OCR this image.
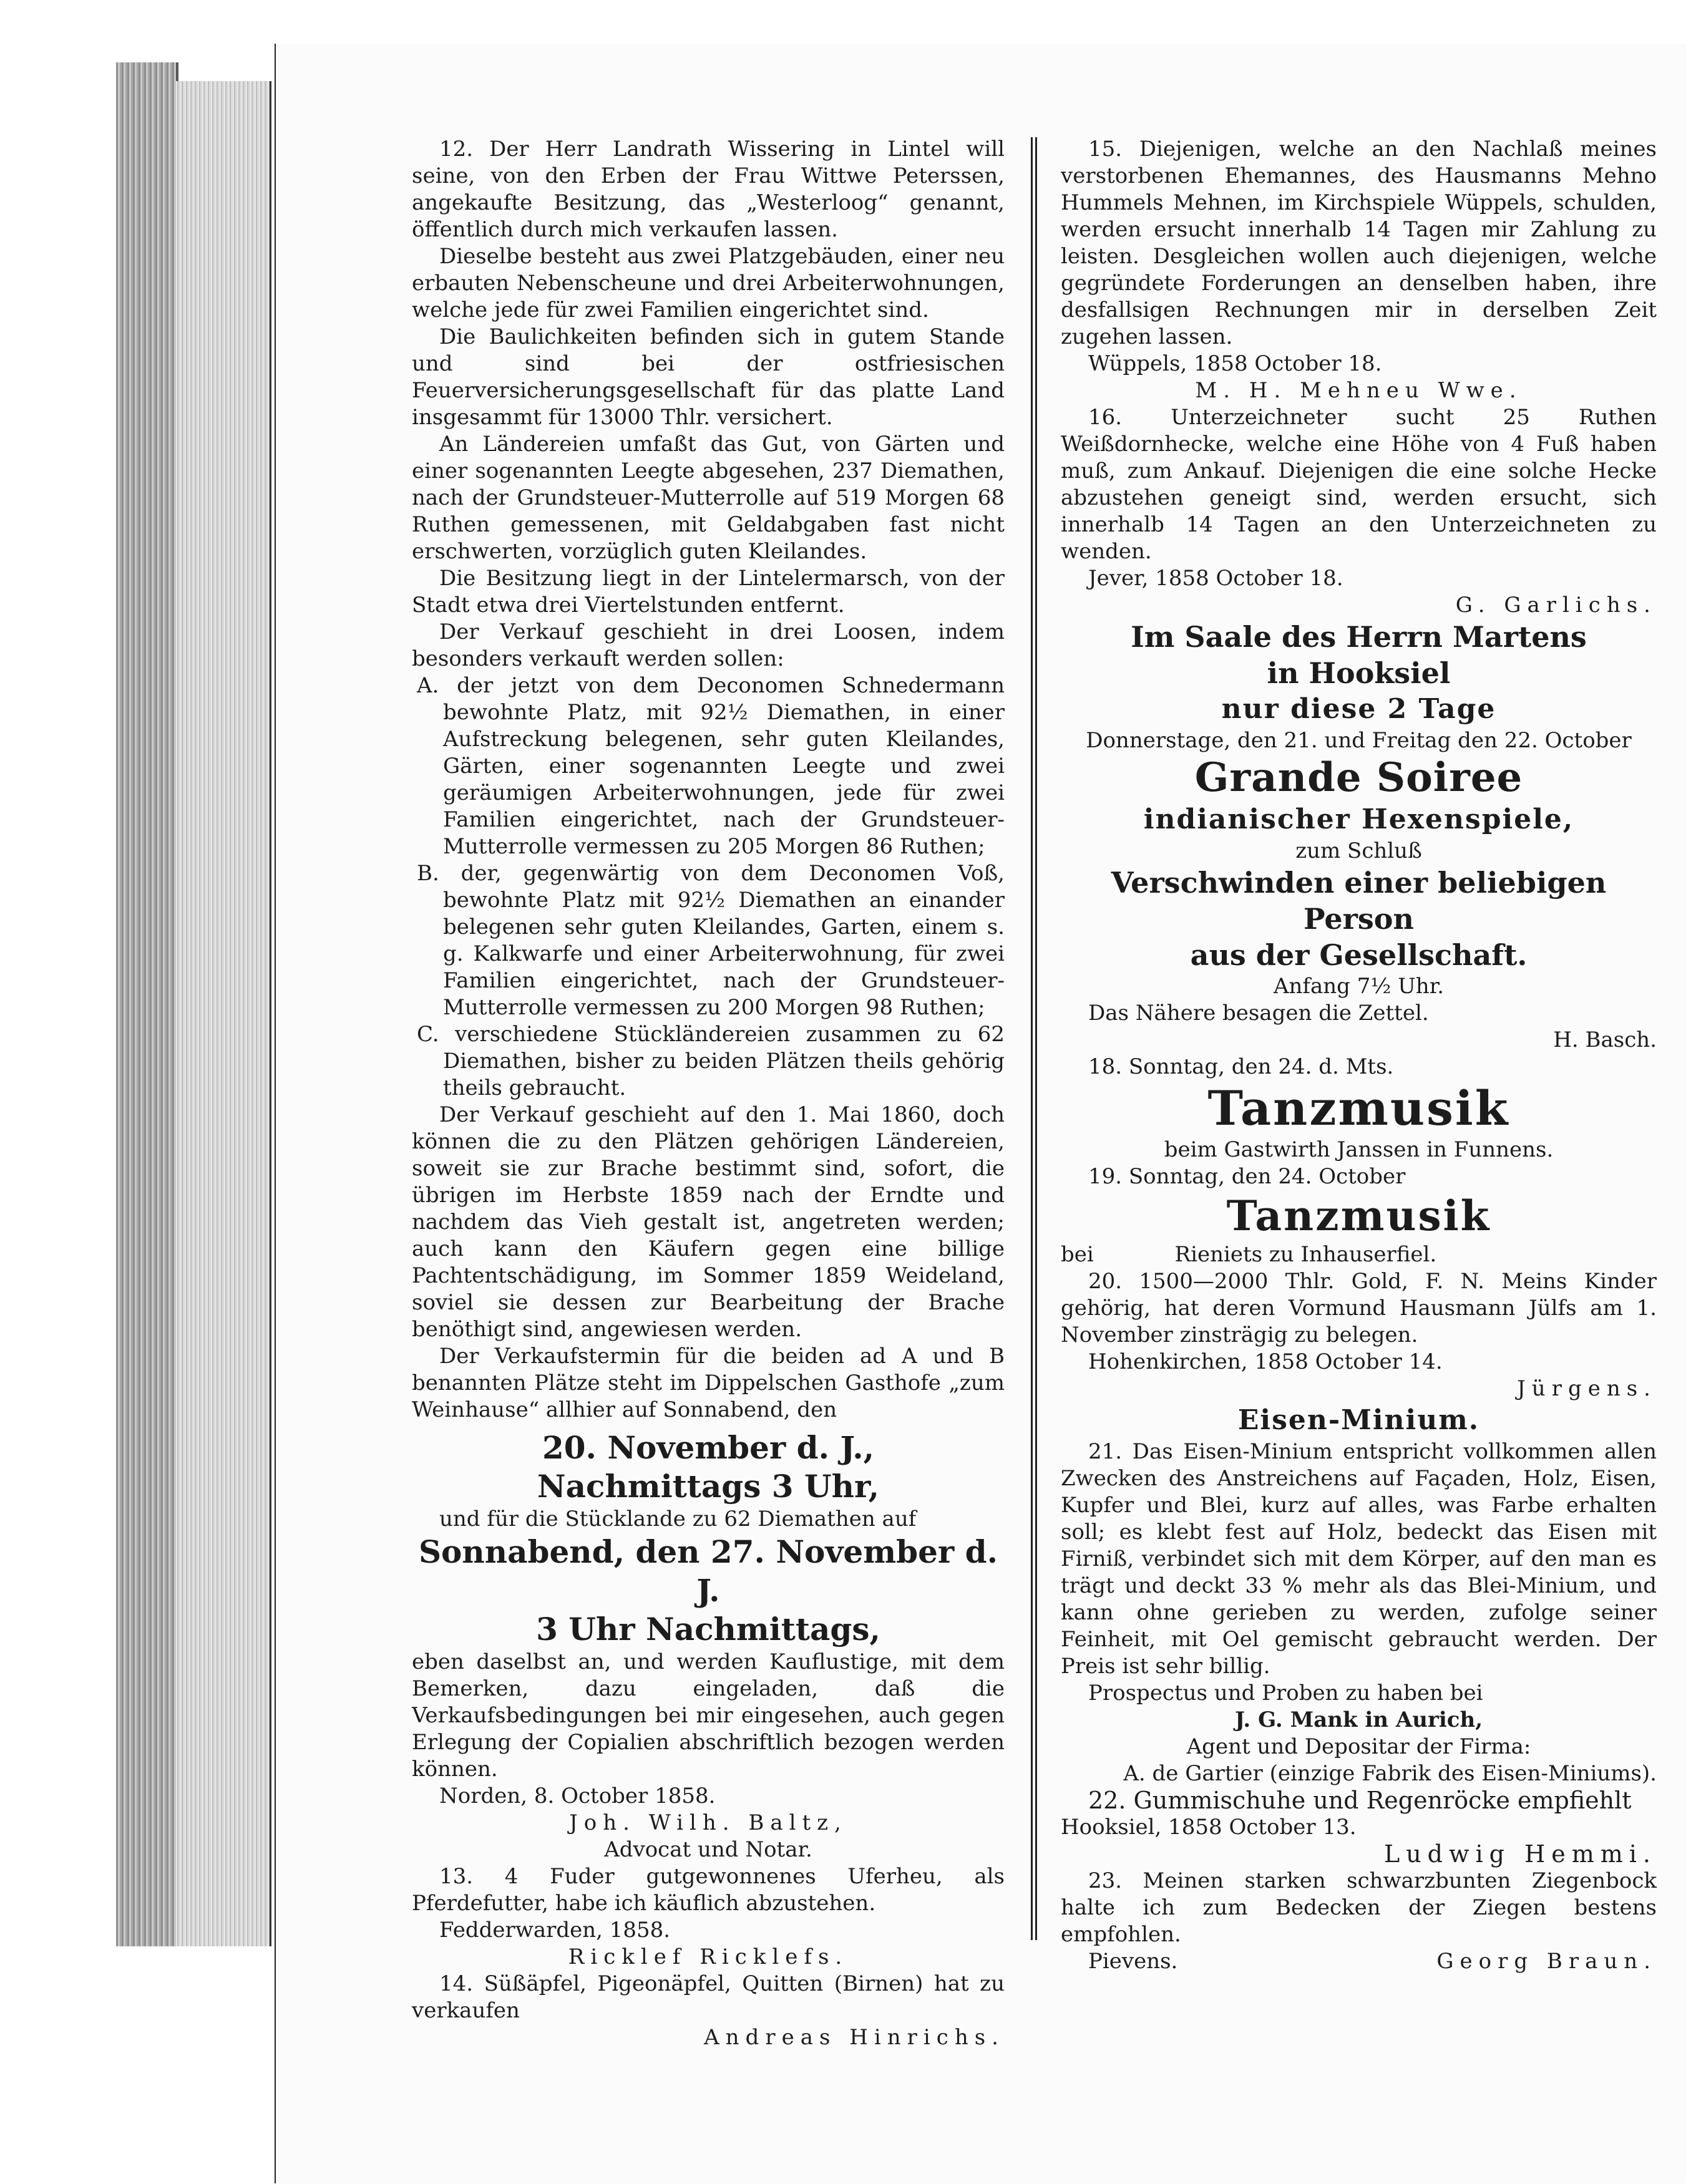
12. Der Herr Landrath Wissering in Lintel will seine, von den Erben der Frau Wittwe Peterssen, angekaufte Besitzung, das „Westerloog“ genannt, öffentlich durch mich verkaufen lassen.

Dieselbe besteht aus zwei Platzgebäuden, einer neu erbauten Nebenscheune und drei Arbeiterwohnungen, welche jede für zwei Familien eingerichtet sind.

Die Baulichkeiten befinden sich in gutem Stande und sind bei der ostfriesischen Feuerversicherungsgesellschaft für das platte Land insgesammt für 13000 Thlr. versichert.

An Ländereien umfaßt das Gut, von Gärten und einer sogenannten Leegte abgesehen, 237 Diemathen, nach der Grundsteuer-Mutterrolle auf 519 Morgen 68 Ruthen gemessenen, mit Geldabgaben fast nicht erschwerten, vorzüglich guten Kleilandes.

Die Besitzung liegt in der Lintelermarsch, von der Stadt etwa drei Viertelstunden entfernt.

Der Verkauf geschieht in drei Loosen, indem besonders verkauft werden sollen:

A. der jetzt von dem Deconomen Schnedermann bewohnte Platz, mit 92½ Diemathen, in einer Aufstreckung belegenen, sehr guten Kleilandes, Gärten, einer sogenannten Leegte und zwei geräumigen Arbeiterwohnungen, jede für zwei Familien eingerichtet, nach der Grundsteuer-Mutterrolle vermessen zu 205 Morgen 86 Ruthen;

B. der, gegenwärtig von dem Deconomen Voß, bewohnte Platz mit 92½ Diemathen an einander belegenen sehr guten Kleilandes, Garten, einem s. g. Kalkwarfe und einer Arbeiterwohnung, für zwei Familien eingerichtet, nach der Grundsteuer-Mutterrolle vermessen zu 200 Morgen 98 Ruthen;

C. verschiedene Stückländereien zusammen zu 62 Diemathen, bisher zu beiden Plätzen theils gehörig theils gebraucht.

Der Verkauf geschieht auf den 1. Mai 1860, doch können die zu den Plätzen gehörigen Ländereien, soweit sie zur Brache bestimmt sind, sofort, die übrigen im Herbste 1859 nach der Erndte und nachdem das Vieh gestalt ist, angetreten werden; auch kann den Käufern gegen eine billige Pachtentschädigung, im Sommer 1859 Weideland, soviel sie dessen zur Bearbeitung der Brache benöthigt sind, angewiesen werden.

Der Verkaufstermin für die beiden ad A und B benannten Plätze steht im Dippelschen Gasthofe „zum Weinhause“ allhier auf Sonnabend, den

20. November d. J.,

Nachmittags 3 Uhr,

und für die Stücklande zu 62 Diemathen auf

Sonnabend, den 27. November d. J.

3 Uhr Nachmittags,

eben daselbst an, und werden Kauflustige, mit dem Bemerken, dazu eingeladen, daß die Verkaufsbedingungen bei mir eingesehen, auch gegen Erlegung der Copialien abschriftlich bezogen werden können.

Norden, 8. October 1858.

Joh. Wilh. Baltz,

Advocat und Notar.

13. 4 Fuder gutgewonnenes Uferheu, als Pferdefutter, habe ich käuflich abzustehen.

Fedderwarden, 1858.

Ricklef Ricklefs.

14. Süßäpfel, Pigeonäpfel, Quitten (Birnen) hat zu verkaufen

Andreas Hinrichs.

15. Diejenigen, welche an den Nachlaß meines verstorbenen Ehemannes, des Hausmanns Mehno Hummels Mehnen, im Kirchspiele Wüppels, schulden, werden ersucht innerhalb 14 Tagen mir Zahlung zu leisten. Desgleichen wollen auch diejenigen, welche gegründete Forderungen an denselben haben, ihre desfallsigen Rechnungen mir in derselben Zeit zugehen lassen.

Wüppels, 1858 October 18.

M. H. Mehneu Wwe.

16. Unterzeichneter sucht 25 Ruthen Weißdornhecke, welche eine Höhe von 4 Fuß haben muß, zum Ankauf. Diejenigen die eine solche Hecke abzustehen geneigt sind, werden ersucht, sich innerhalb 14 Tagen an den Unterzeichneten zu wenden.

Jever, 1858 October 18.

G. Garlichs.

Im Saale des Herrn Martens

in Hooksiel

nur diese 2 Tage

Donnerstage, den 21. und Freitag den 22. October

Grande Soiree

indianischer Hexenspiele,

zum Schluß

Verschwinden einer beliebigen Person

aus der Gesellschaft.

Anfang 7½ Uhr.

Das Nähere besagen die Zettel.

H. Basch.

18. Sonntag, den 24. d. Mts.

Tanzmusik

beim Gastwirth Janssen in Funnens.

19. Sonntag, den 24. October

Tanzmusik

bei	Rieniets zu Inhauserfiel.

20. 1500—2000 Thlr. Gold, F. N. Meins Kinder gehörig, hat deren Vormund Hausmann Jülfs am 1. November zinsträgig zu belegen.

Hohenkirchen, 1858 October 14.

Jürgens.

Eisen-Minium.

21. Das Eisen-Minium entspricht vollkommen allen Zwecken des Anstreichens auf Façaden, Holz, Eisen, Kupfer und Blei, kurz auf alles, was Farbe erhalten soll; es klebt fest auf Holz, bedeckt das Eisen mit Firniß, verbindet sich mit dem Körper, auf den man es trägt und deckt 33 % mehr als das Blei-Minium, und kann ohne gerieben zu werden, zufolge seiner Feinheit, mit Oel gemischt gebraucht werden. Der Preis ist sehr billig.

Prospectus und Proben zu haben bei

J. G. Mank in Aurich,

Agent und Depositar der Firma:

A. de Gartier (einzige Fabrik des Eisen-Miniums).

22. Gummischuhe und Regenröcke empfiehlt

Hooksiel, 1858 October 13.

Ludwig Hemmi.

23. Meinen starken schwarzbunten Ziegenbock halte ich zum Bedecken der Ziegen bestens empfohlen.

Pievens.	Georg Braun.
